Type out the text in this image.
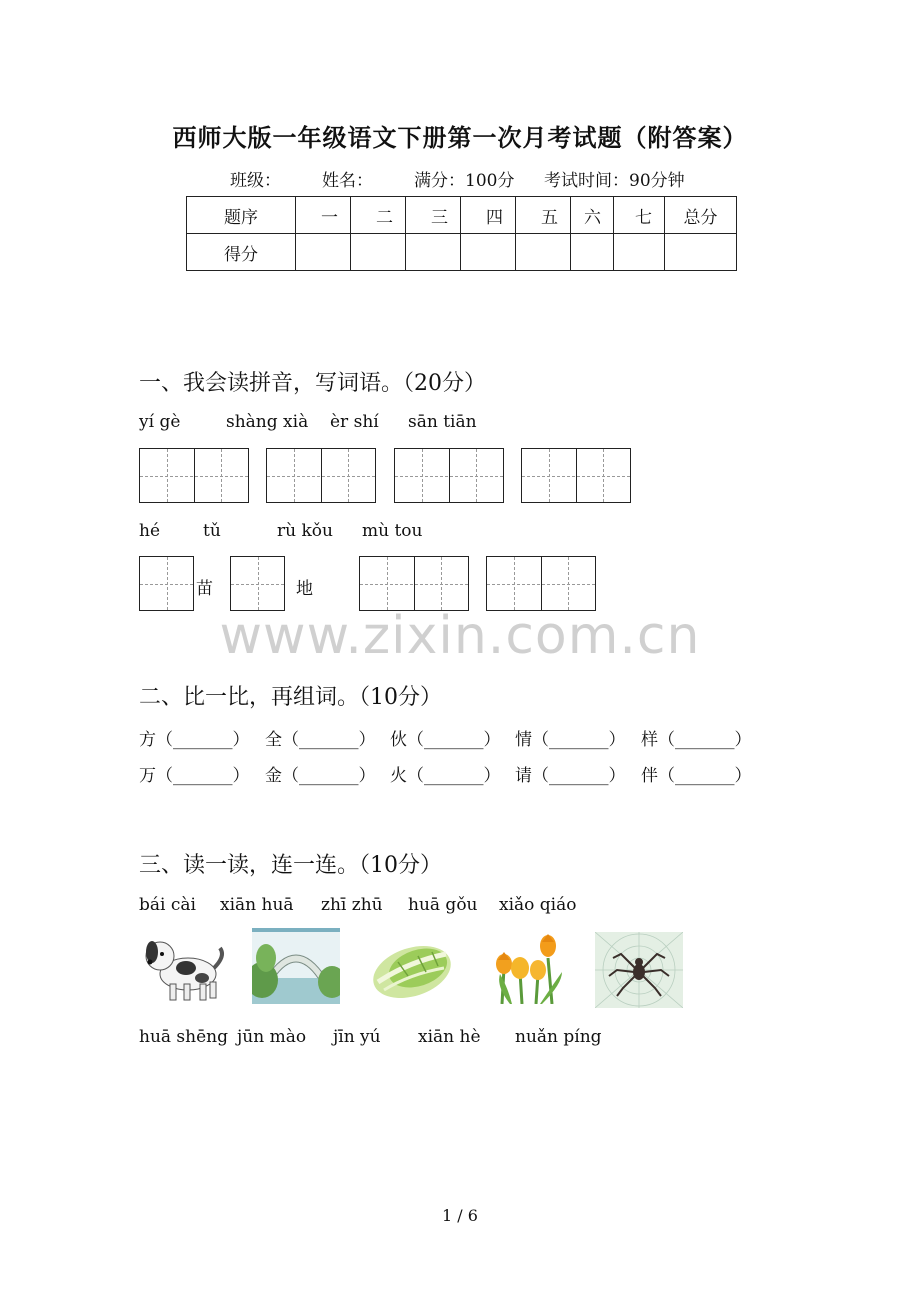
西师大版一年级语文下册第一次月考试题（附答案）
班级： 姓名： 满分：100分 考试时间：90分钟
题序	一	二	三	四	五	六	七	总分
得分								
一、我会读拼音，写词语。（20分）
yí gè	shàng xià èr shí sān tiān
hé	tǔ	rù kǒu mù tou
苗	地
www.zixin.com.cn
二、比一比，再组词。（10分）
方（_______） 全（_______） 伙（_______） 情（_______） 样（_______）
万（_______） 金（_______） 火（_______） 请（_______） 伴（_______）
三、读一读，连一连。（10分）
bái cài xiān huā zhī zhū huā gǒu xiǎo qiáo
huā shēng jūn mào jīn yú xiān hè nuǎn píng
1 / 6
